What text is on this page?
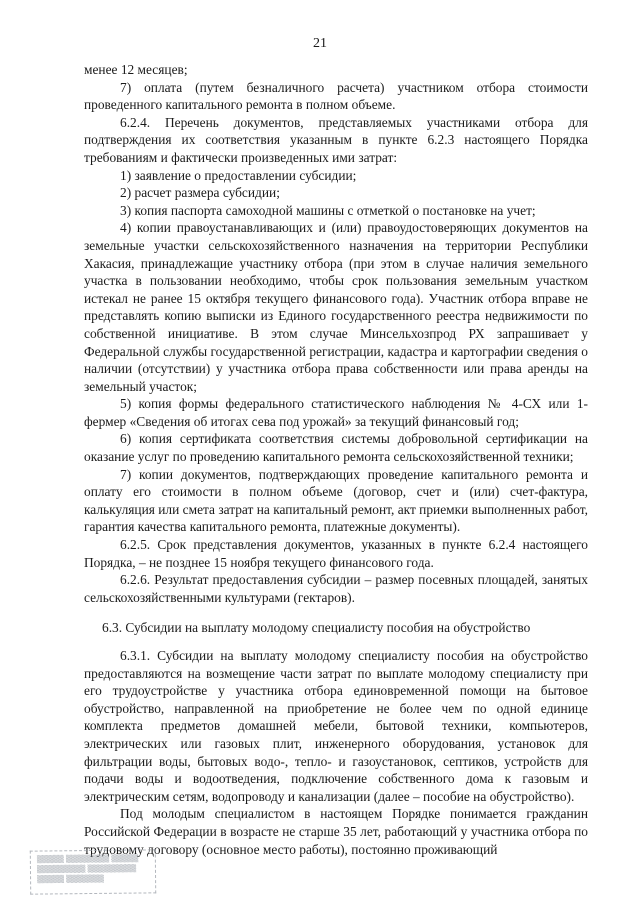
21

менее 12 месяцев;

7) оплата (путем безналичного расчета) участником отбора стоимости проведенного капитального ремонта в полном объеме.

6.2.4. Перечень документов, представляемых участниками отбора для подтверждения их соответствия указанным в пункте 6.2.3 настоящего Порядка требованиям и фактически произведенных ими затрат:

1) заявление о предоставлении субсидии;

2) расчет размера субсидии;

3) копия паспорта самоходной машины с отметкой о постановке на учет;

4) копии правоустанавливающих и (или) правоудостоверяющих документов на земельные участки сельскохозяйственного назначения на территории Республики Хакасия, принадлежащие участнику отбора (при этом в случае наличия земельного участка в пользовании необходимо, чтобы срок пользования земельным участком истекал не ранее 15 октября текущего финансового года). Участник отбора вправе не представлять копию выписки из Единого государственного реестра недвижимости по собственной инициативе. В этом случае Минсельхозпрод РХ запрашивает у Федеральной службы государственной регистрации, кадастра и картографии сведения о наличии (отсутствии) у участника отбора права собственности или права аренды на земельный участок;

5) копия формы федерального статистического наблюдения № 4-СХ или 1-фермер «Сведения об итогах сева под урожай» за текущий финансовый год;

6) копия сертификата соответствия системы добровольной сертификации на оказание услуг по проведению капитального ремонта сельскохозяйственной техники;

7) копии документов, подтверждающих проведение капитального ремонта и оплату его стоимости в полном объеме (договор, счет и (или) счет-фактура, калькуляция или смета затрат на капитальный ремонт, акт приемки выполненных работ, гарантия качества капитального ремонта, платежные документы).

6.2.5. Срок представления документов, указанных в пункте 6.2.4 настоящего Порядка, – не позднее 15 ноября текущего финансового года.

6.2.6. Результат предоставления субсидии – размер посевных площадей, занятых сельскохозяйственными культурами (гектаров).

6.3. Субсидии на выплату молодому специалисту пособия на обустройство

6.3.1. Субсидии на выплату молодому специалисту пособия на обустройство предоставляются на возмещение части затрат по выплате молодому специалисту при его трудоустройстве у участника отбора единовременной помощи на бытовое обустройство, направленной на приобретение не более чем по одной единице комплекта предметов домашней мебели, бытовой техники, компьютеров, электрических или газовых плит, инженерного оборудования, установок для фильтрации воды, бытовых водо-, тепло- и газоустановок, септиков, устройств для подачи воды и водоотведения, подключение собственного дома к газовым и электрическим сетям, водопроводу и канализации (далее – пособие на обустройство).

Под молодым специалистом в настоящем Порядке понимается гражданин Российской Федерации в возрасте не старше 35 лет, работающий у участника отбора по трудовому договору (основное место работы), постоянно проживающий

▒▒▒▒▒ ▒▒▒▒▒▒▒▒ ▒▒▒▒▒
▒▒▒▒▒▒▒▒▒ ▒▒▒▒▒▒▒▒▒
▒▒▒▒▒ ▒▒▒▒▒▒▒
